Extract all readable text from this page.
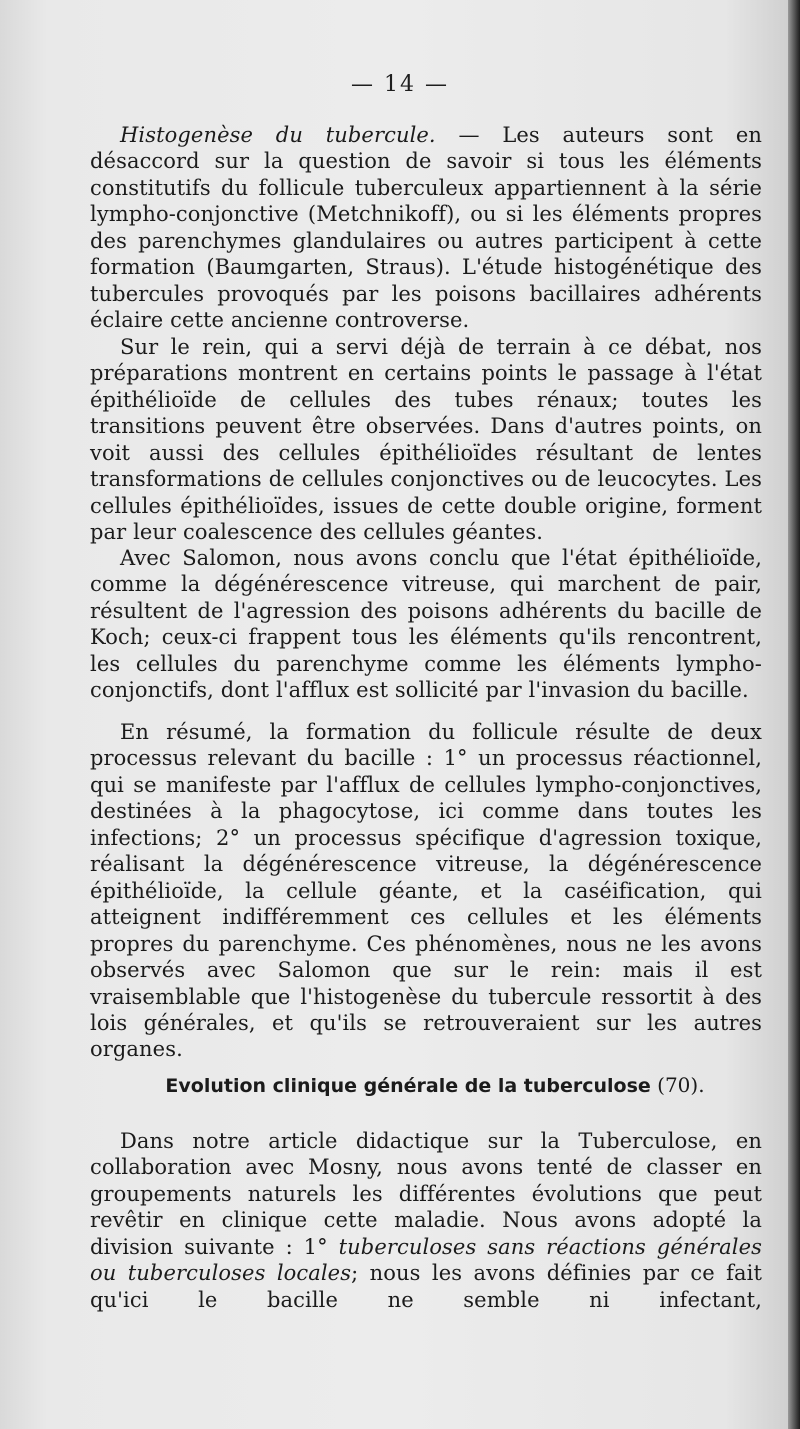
— 14 —

Histogenèse du tubercule. — Les auteurs sont en désaccord sur la question de savoir si tous les éléments constitutifs du follicule tuberculeux appartiennent à la série lympho-conjonctive (Metchnikoff), ou si les éléments propres des parenchymes glandulaires ou autres participent à cette formation (Baumgarten, Straus). L'étude histogénétique des tubercules provoqués par les poisons bacillaires adhérents éclaire cette ancienne controverse.

Sur le rein, qui a servi déjà de terrain à ce débat, nos préparations montrent en certains points le passage à l'état épithélioïde de cellules des tubes rénaux; toutes les transitions peuvent être observées. Dans d'autres points, on voit aussi des cellules épithélioïdes résultant de lentes transformations de cellules conjonctives ou de leucocytes. Les cellules épithélioïdes, issues de cette double origine, forment par leur coalescence des cellules géantes.

Avec Salomon, nous avons conclu que l'état épithélioïde, comme la dégénérescence vitreuse, qui marchent de pair, résultent de l'agression des poisons adhérents du bacille de Koch; ceux-ci frappent tous les éléments qu'ils rencontrent, les cellules du parenchyme comme les éléments lympho-conjonctifs, dont l'afflux est sollicité par l'invasion du bacille.

En résumé, la formation du follicule résulte de deux processus relevant du bacille : 1° un processus réactionnel, qui se manifeste par l'afflux de cellules lympho-conjonctives, destinées à la phagocytose, ici comme dans toutes les infections; 2° un processus spécifique d'agression toxique, réalisant la dégénérescence vitreuse, la dégénérescence épithélioïde, la cellule géante, et la caséification, qui atteignent indifféremment ces cellules et les éléments propres du parenchyme. Ces phénomènes, nous ne les avons observés avec Salomon que sur le rein: mais il est vraisemblable que l'histogenèse du tubercule ressortit à des lois générales, et qu'ils se retrouveraient sur les autres organes.

Evolution clinique générale de la tuberculose (70).

Dans notre article didactique sur la Tuberculose, en collaboration avec Mosny, nous avons tenté de classer en groupements naturels les différentes évolutions que peut revêtir en clinique cette maladie. Nous avons adopté la division suivante : 1° tuberculoses sans réactions générales ou tuberculoses locales; nous les avons définies par ce fait qu'ici le bacille ne semble ni infectant,
